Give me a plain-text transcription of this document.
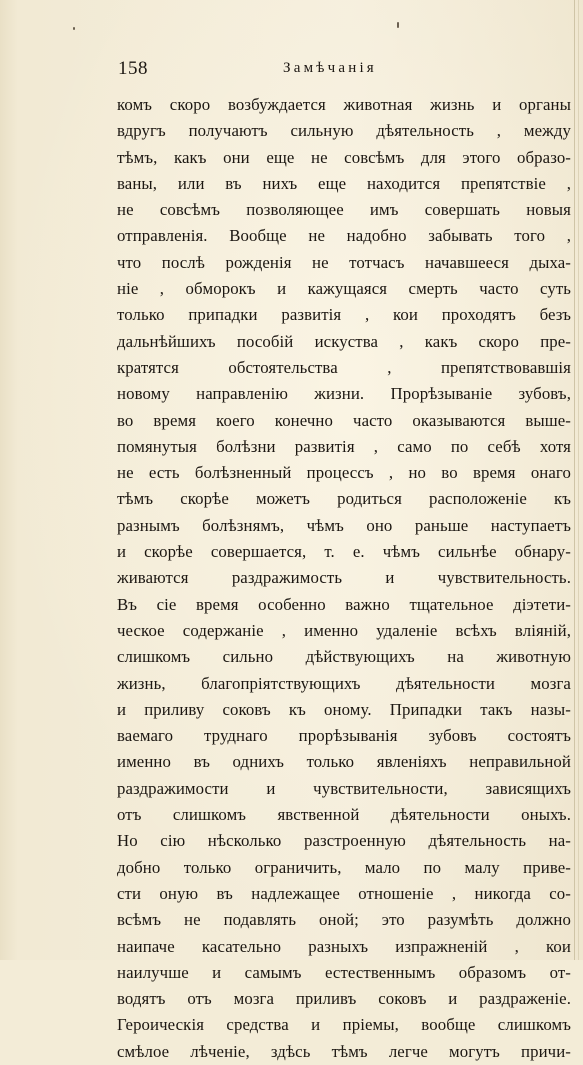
158	Замѣчанія
комъ скоро возбуждается животная жизнь и органы
вдругъ получаютъ сильную дѣятельность , между
тѣмъ, какъ они еще не совсѣмъ для этого образо-
ваны, или въ нихъ еще находится препятствіе ,
не совсѣмъ позволяющее имъ совершать новыя
отправленія. Вообще не надобно забывать того ,
что послѣ рожденія не тотчасъ начавшееся дыха-
ніе , обморокъ и кажущаяся смерть часто суть
только припадки развитія , кои проходятъ безъ
дальнѣйшихъ пособій искуства , какъ скоро пре-
кратятся обстоятельства , препятствовавшія
новому направленію жизни. Прорѣзываніе зубовъ,
во время коего конечно часто оказываются выше-
помянутыя болѣзни развитія , само по себѣ хотя
не есть болѣзненный процессъ , но во время онаго
тѣмъ скорѣе можетъ родиться расположеніе къ
разнымъ болѣзнямъ, чѣмъ оно раньше наступаетъ
и скорѣе совершается, т. е. чѣмъ сильнѣе обнару-
живаются раздражимость и чувствительность.
Въ сіе время особенно важно тщательное діэтети-
ческое содержаніе , именно удаленіе всѣхъ вліяній,
слишкомъ сильно дѣйствующихъ на животную
жизнь, благопріятствующихъ дѣятельности мозга
и приливу соковъ къ оному. Припадки такъ назы-
ваемаго труднаго прорѣзыванія зубовъ состоятъ
именно въ однихъ только явленіяхъ неправильной
раздражимости и чувствительности, зависящихъ
отъ слишкомъ явственной дѣятельности оныхъ.
Но сію нѣсколько разстроенную дѣятельность на-
добно только ограничить, мало по малу приве-
сти оную въ надлежащее отношеніе , никогда со-
всѣмъ не подавлять оной; это разумѣть должно
наипаче касательно разныхъ изпражненій , кои
наилучше и самымъ естественнымъ образомъ от-
водятъ отъ мозга приливъ соковъ и раздраженіе.
Героическія средства и пріемы, вообще слишкомъ
смѣлое лѣченіе, здѣсь тѣмъ легче могутъ причи-
